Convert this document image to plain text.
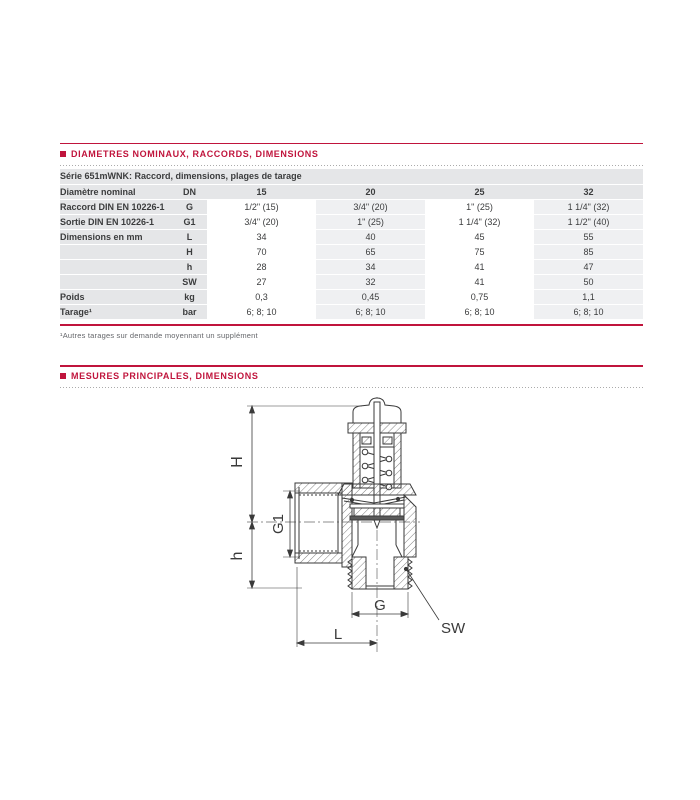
DIAMETRES NOMINAUX, RACCORDS, DIMENSIONS
Série 651mWNK: Raccord, dimensions, plages de tarage					
Diamètre nominal	DN	15	20	25	32
Raccord DIN EN 10226-1	G	1/2" (15)	3/4" (20)	1" (25)	1 1/4" (32)
Sortie DIN EN 10226-1	G1	3/4" (20)	1" (25)	1 1/4" (32)	1 1/2" (40)
Dimensions en mm	L	34	40	45	55
	H	70	65	75	85
	h	28	34	41	47
	SW	27	32	41	50
Poids	kg	0,3	0,45	0,75	1,1
Tarage¹	bar	6; 8; 10	6; 8; 10	6; 8; 10	6; 8; 10
¹Autres tarages sur demande moyennant un supplément
MESURES PRINCIPALES, DIMENSIONS
H
h
G1
G
L	SW
